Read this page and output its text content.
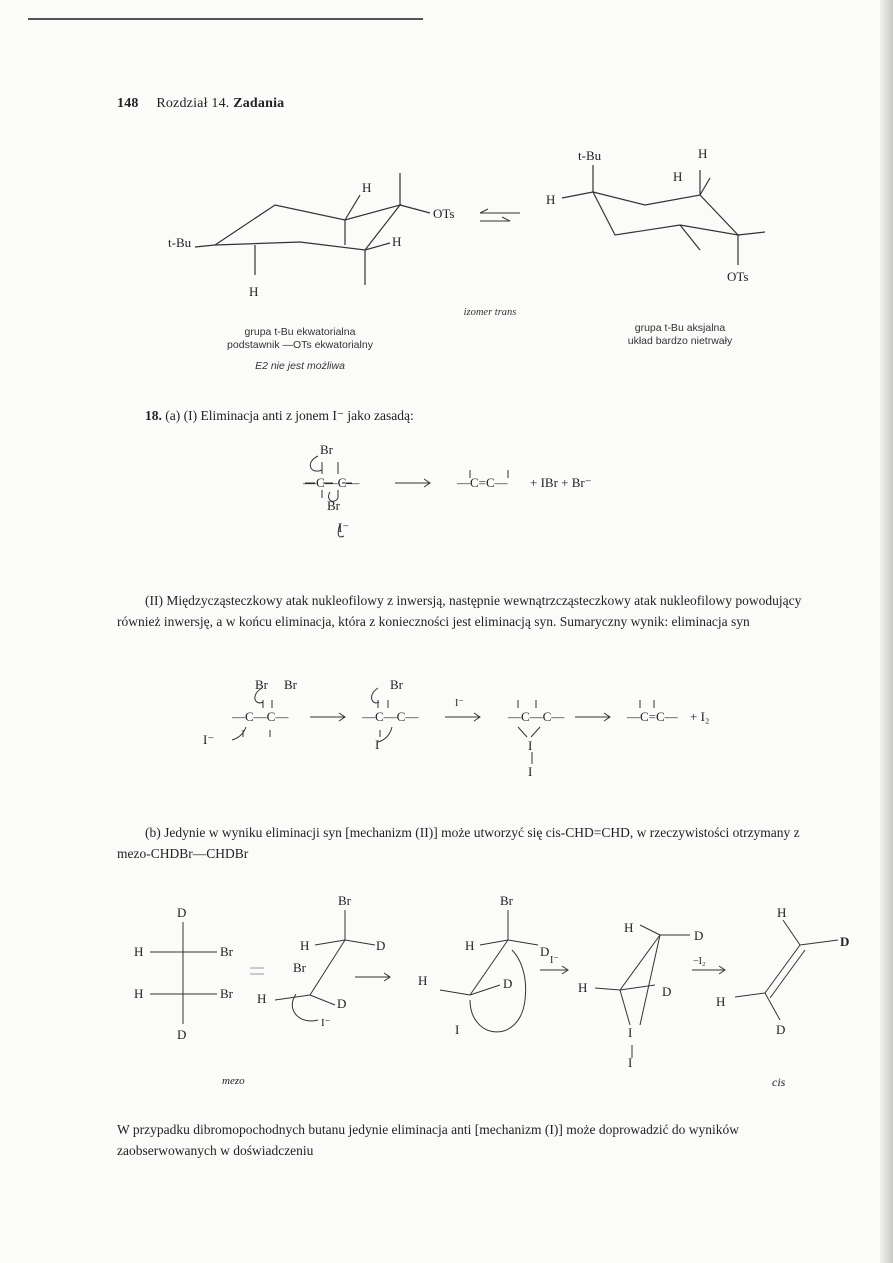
148 Rozdział 14. Zadania
t-Bu
H
OTs
H
H
t-Bu	H
H
H
OTs
izomer trans
grupa t-Bu ekwatorialna
podstawnik —OTs ekwatorialny
E2 nie jest możliwa
grupa t-Bu aksjalna
układ bardzo nietrwały
18. (a) (I) Eliminacja anti z jonem I⁻ jako zasadą:
Br
—C—C—
Br
I⁻
—C=C— + IBr + Br⁻
(II) Międzycząsteczkowy atak nukleofilowy z inwersją, następnie wewnątrzcząsteczkowy atak nukleofilowy powodujący również inwersję, a w końcu eliminacja, która z konieczności jest eliminacją syn. Sumaryczny wynik: eliminacja syn
Br Br
—C—C—
I⁻
Br
—C—C—
I
I⁻
—C—C—
I
I
—C=C— + I₂
(b) Jedynie w wyniku eliminacji syn [mechanizm (II)] może utworzyć się cis-CHD=CHD, w rzeczywistości otrzymany z mezo-CHDBr—CHDBr
D
H	Br
H	Br
D
Br
H	D
Br
H	D
I⁻
Br
H	D
H	D
I
I⁻
H
D
H	D
I
I
−I₂
H
D
H
D
mezo	cis
W przypadku dibromopochodnych butanu jedynie eliminacja anti [mechanizm (I)] może doprowadzić do wyników zaobserwowanych w doświadczeniu
